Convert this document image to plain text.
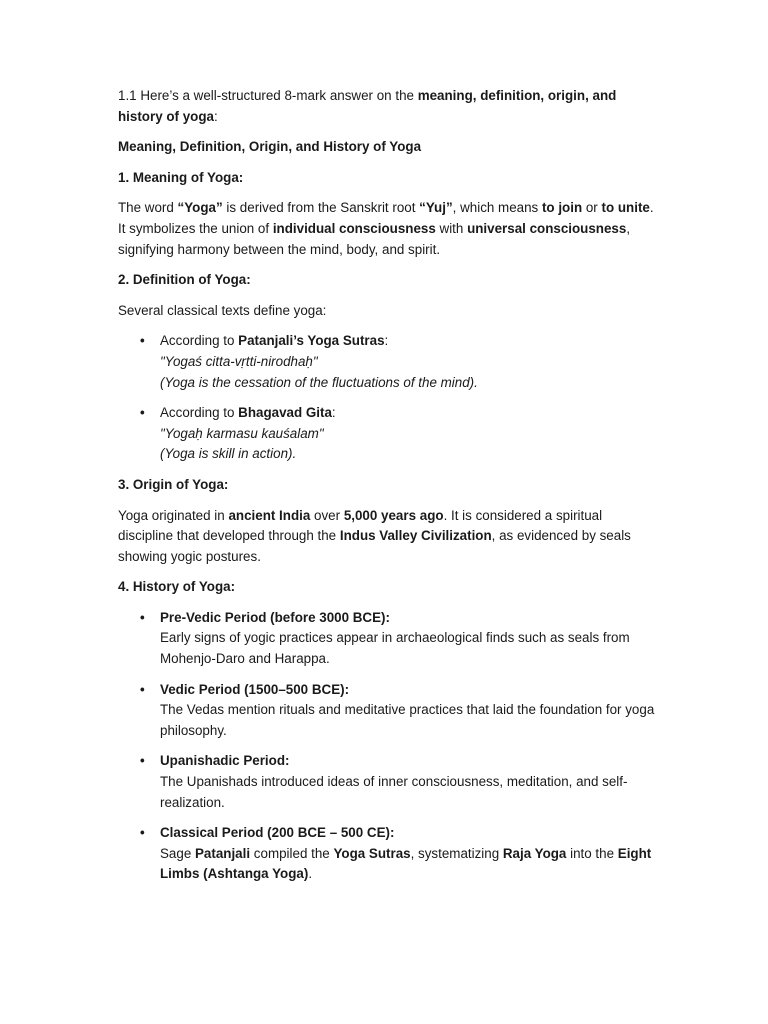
1.1 Here’s a well-structured 8-mark answer on the meaning, definition, origin, and history of yoga:

Meaning, Definition, Origin, and History of Yoga

1. Meaning of Yoga:

The word “Yoga” is derived from the Sanskrit root “Yuj”, which means to join or to unite. It symbolizes the union of individual consciousness with universal consciousness, signifying harmony between the mind, body, and spirit.

2. Definition of Yoga:

Several classical texts define yoga:

• According to Patanjali’s Yoga Sutras:
"Yogaś citta-vṛtti-nirodhaḥ"
(Yoga is the cessation of the fluctuations of the mind).
• According to Bhagavad Gita:
"Yogaḥ karmasu kauśalam"
(Yoga is skill in action).

3. Origin of Yoga:

Yoga originated in ancient India over 5,000 years ago. It is considered a spiritual discipline that developed through the Indus Valley Civilization, as evidenced by seals showing yogic postures.

4. History of Yoga:

• Pre-Vedic Period (before 3000 BCE):
Early signs of yogic practices appear in archaeological finds such as seals from Mohenjo-Daro and Harappa.
• Vedic Period (1500–500 BCE):
The Vedas mention rituals and meditative practices that laid the foundation for yoga philosophy.
• Upanishadic Period:
The Upanishads introduced ideas of inner consciousness, meditation, and self-realization.
• Classical Period (200 BCE – 500 CE):
Sage Patanjali compiled the Yoga Sutras, systematizing Raja Yoga into the Eight Limbs (Ashtanga Yoga).
